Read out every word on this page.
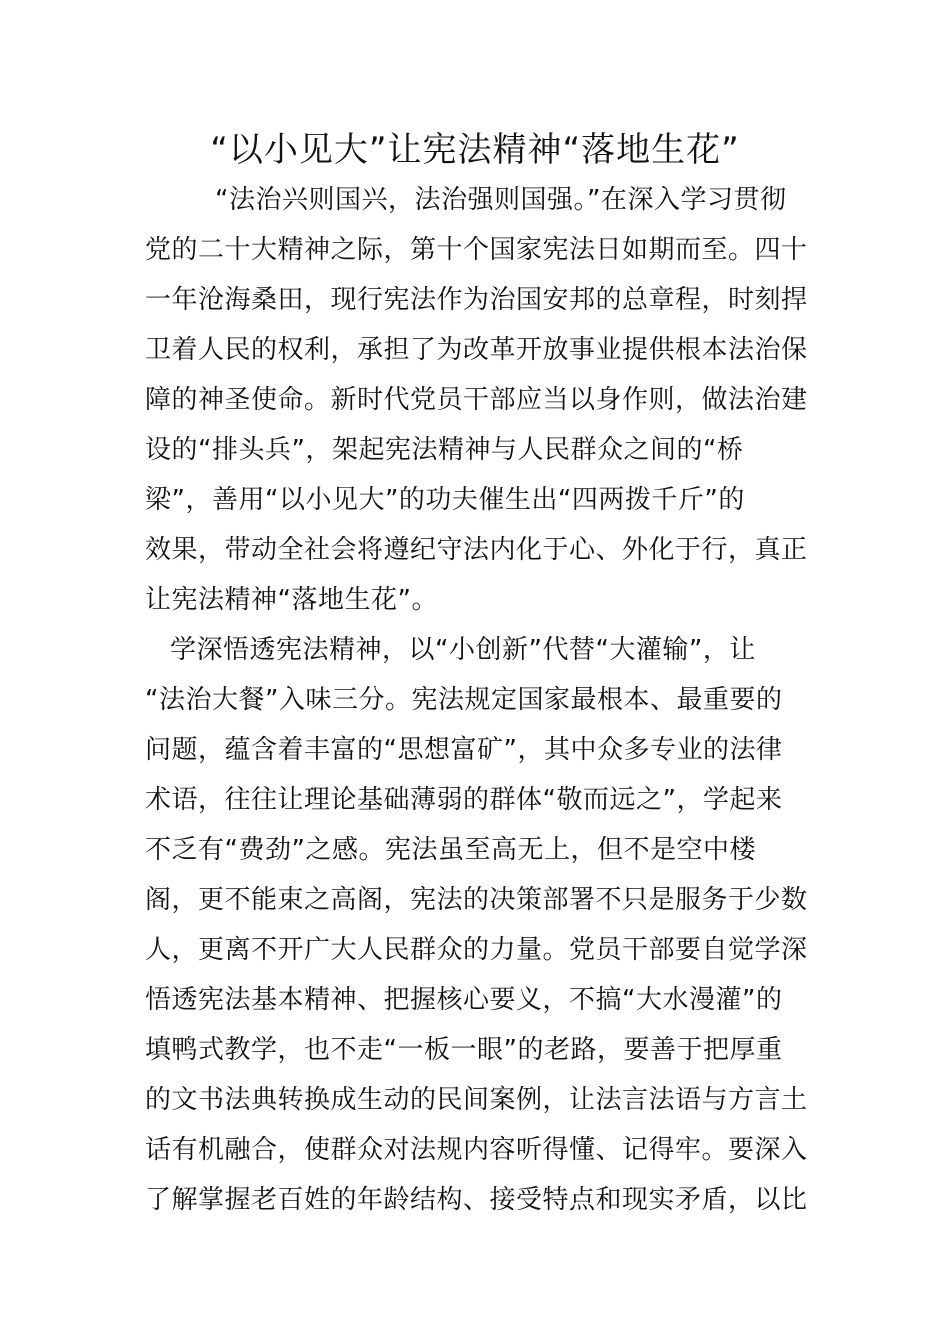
“以小见大”让宪法精神“落地生花”
“法治兴则国兴，法治强则国强。”在深入学习贯彻
党的二十大精神之际，第十个国家宪法日如期而至。四十
一年沧海桑田，现行宪法作为治国安邦的总章程，时刻捍
卫着人民的权利，承担了为改革开放事业提供根本法治保
障的神圣使命。新时代党员干部应当以身作则，做法治建
设的“排头兵”，架起宪法精神与人民群众之间的“桥
梁”，善用“以小见大”的功夫催生出“四两拨千斤”的
效果，带动全社会将遵纪守法内化于心、外化于行，真正
让宪法精神“落地生花”。
学深悟透宪法精神，以“小创新”代替“大灌输”，让
“法治大餐”入味三分。宪法规定国家最根本、最重要的
问题，蕴含着丰富的“思想富矿”，其中众多专业的法律
术语，往往让理论基础薄弱的群体“敬而远之”，学起来
不乏有“费劲”之感。宪法虽至高无上，但不是空中楼
阁，更不能束之高阁，宪法的决策部署不只是服务于少数
人，更离不开广大人民群众的力量。党员干部要自觉学深
悟透宪法基本精神、把握核心要义，不搞“大水漫灌”的
填鸭式教学，也不走“一板一眼”的老路，要善于把厚重
的文书法典转换成生动的民间案例，让法言法语与方言土
话有机融合，使群众对法规内容听得懂、记得牢。要深入
了解掌握老百姓的年龄结构、接受特点和现实矛盾，以比
